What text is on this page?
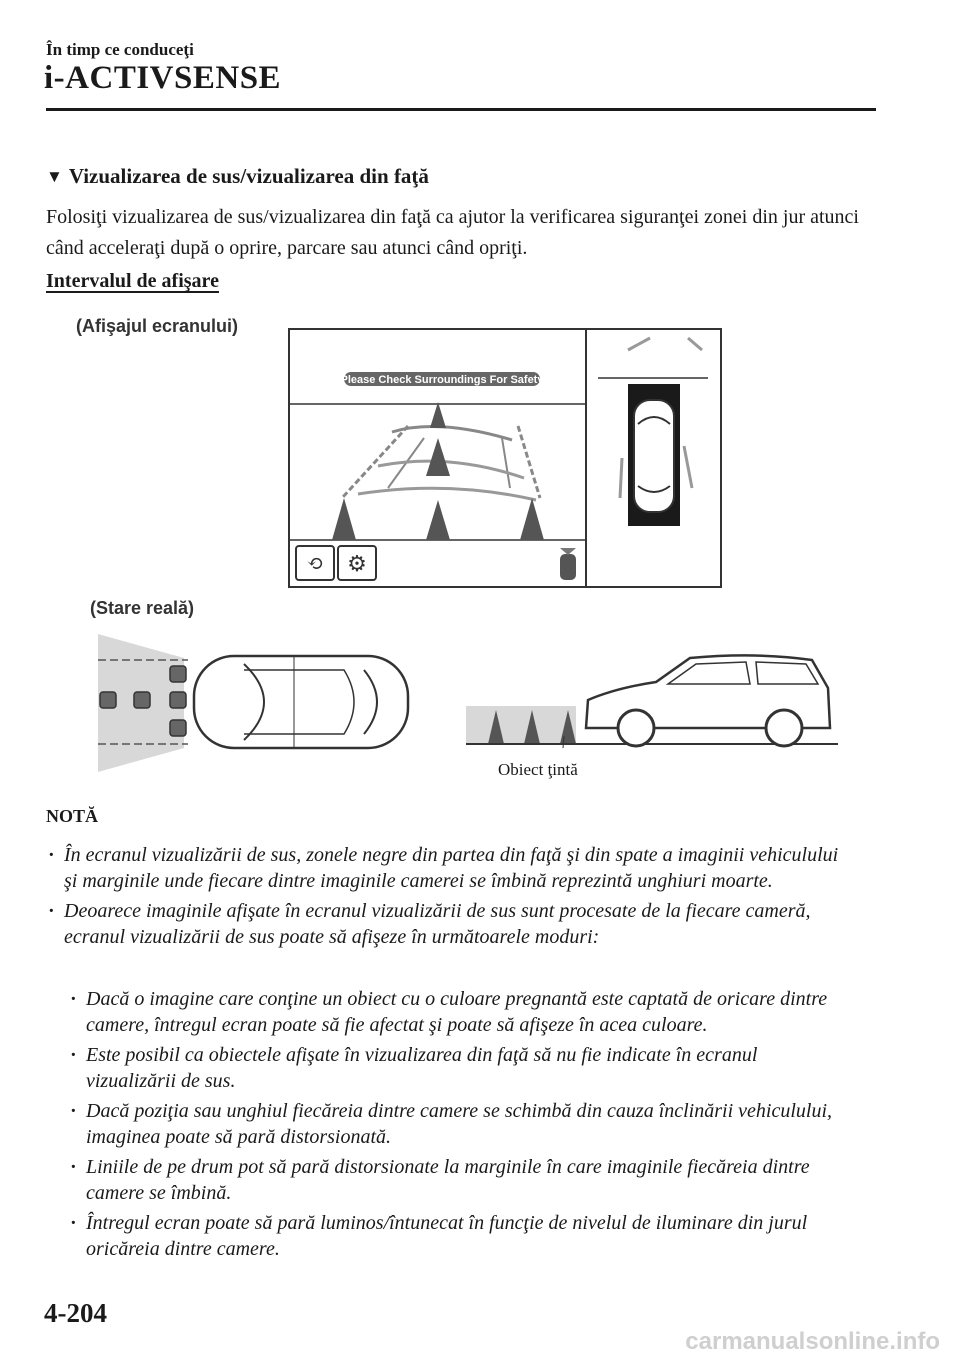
În timp ce conduceţi
i-ACTIVSENSE
▼ Vizualizarea de sus/vizualizarea din faţă
Folosiţi vizualizarea de sus/vizualizarea din faţă ca ajutor la verificarea siguranţei zonei din jur atunci când acceleraţi după o oprire, parcare sau atunci când opriţi.
Intervalul de afişare
(Afişajul ecranului)
Please Check Surroundings For Safety
⟲ ⚙
(Stare reală)
Obiect ţintă
NOTĂ
· În ecranul vizualizării de sus, zonele negre din partea din faţă şi din spate a imaginii vehiculului şi marginile unde fiecare dintre imaginile camerei se îmbină reprezintă unghiuri moarte.
· Deoarece imaginile afişate în ecranul vizualizării de sus sunt procesate de la fiecare cameră, ecranul vizualizării de sus poate să afişeze în următoarele moduri:
· Dacă o imagine care conţine un obiect cu o culoare pregnantă este captată de oricare dintre camere, întregul ecran poate să fie afectat şi poate să afişeze în acea culoare.
· Este posibil ca obiectele afişate în vizualizarea din faţă să nu fie indicate în ecranul vizualizării de sus.
· Dacă poziţia sau unghiul fiecăreia dintre camere se schimbă din cauza înclinării vehiculului, imaginea poate să pară distorsionată.
· Liniile de pe drum pot să pară distorsionate la marginile în care imaginile fiecăreia dintre camere se îmbină.
· Întregul ecran poate să pară luminos/întunecat în funcţie de nivelul de iluminare din jurul oricăreia dintre camere.
4-204
carmanualsonline.info
